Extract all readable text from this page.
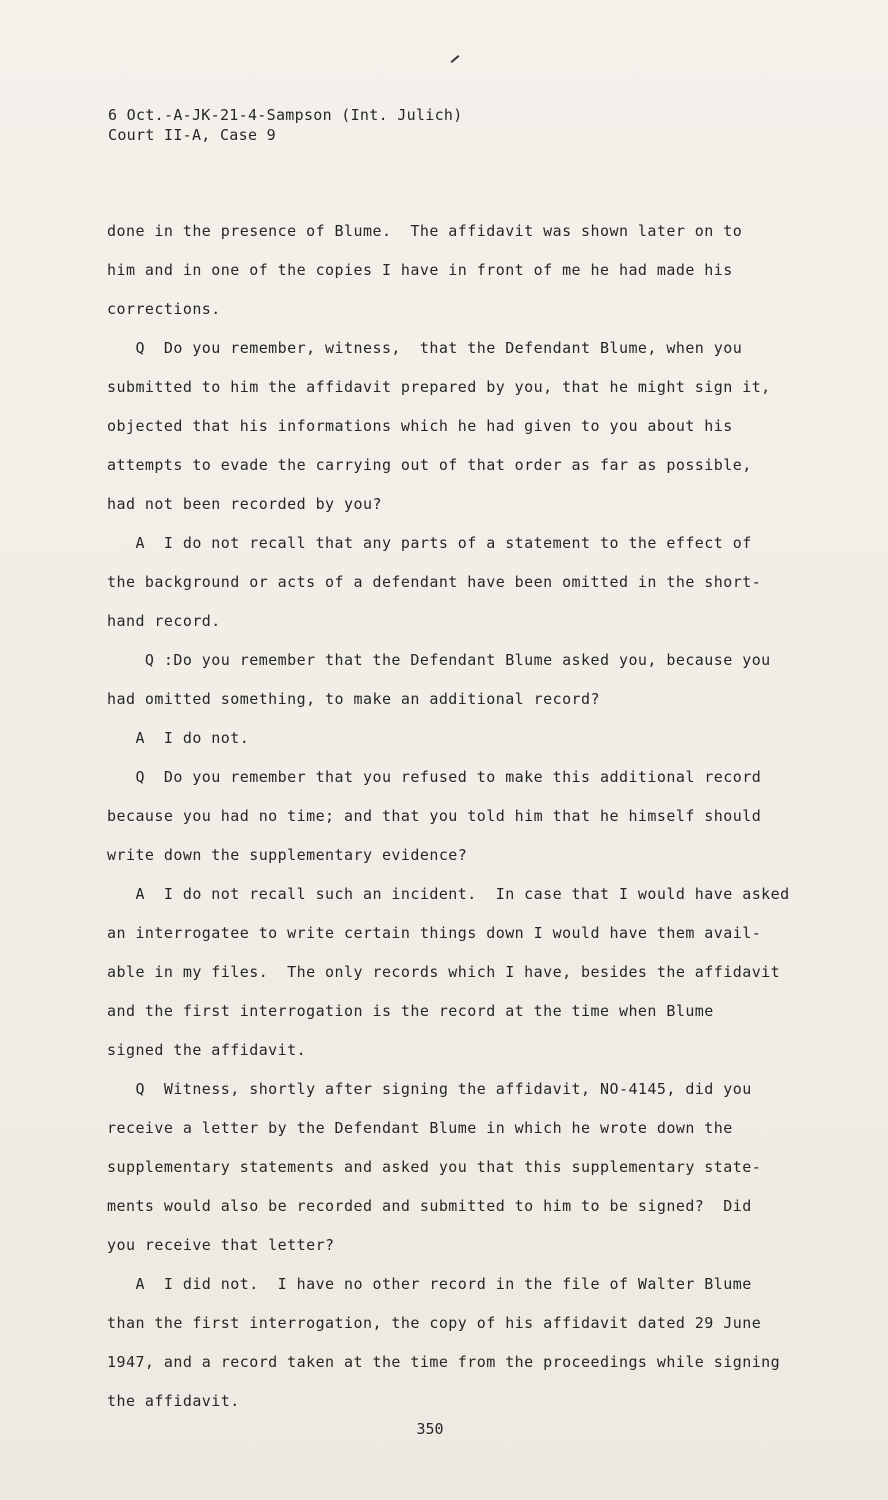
6 Oct.-A-JK-21-4-Sampson (Int. Julich)
Court II-A, Case 9
done in the presence of Blume.  The affidavit was shown later on to
him and in one of the copies I have in front of me he had made his
corrections.
Q  Do you remember, witness,  that the Defendant Blume, when you
submitted to him the affidavit prepared by you, that he might sign it,
objected that his informations which he had given to you about his
attempts to evade the carrying out of that order as far as possible,
had not been recorded by you?
A  I do not recall that any parts of a statement to the effect of
the background or acts of a defendant have been omitted in the short-
hand record.
Q :Do you remember that the Defendant Blume asked you, because you
had omitted something, to make an additional record?
A  I do not.
Q  Do you remember that you refused to make this additional record
because you had no time; and that you told him that he himself should
write down the supplementary evidence?
A  I do not recall such an incident.  In case that I would have asked
an interrogatee to write certain things down I would have them avail-
able in my files.  The only records which I have, besides the affidavit
and the first interrogation is the record at the time when Blume
signed the affidavit.
Q  Witness, shortly after signing the affidavit, NO-4145, did you
receive a letter by the Defendant Blume in which he wrote down the
supplementary statements and asked you that this supplementary state-
ments would also be recorded and submitted to him to be signed?  Did
you receive that letter?
A  I did not.  I have no other record in the file of Walter Blume
than the first interrogation, the copy of his affidavit dated 29 June
1947, and a record taken at the time from the proceedings while signing
the affidavit.
350
